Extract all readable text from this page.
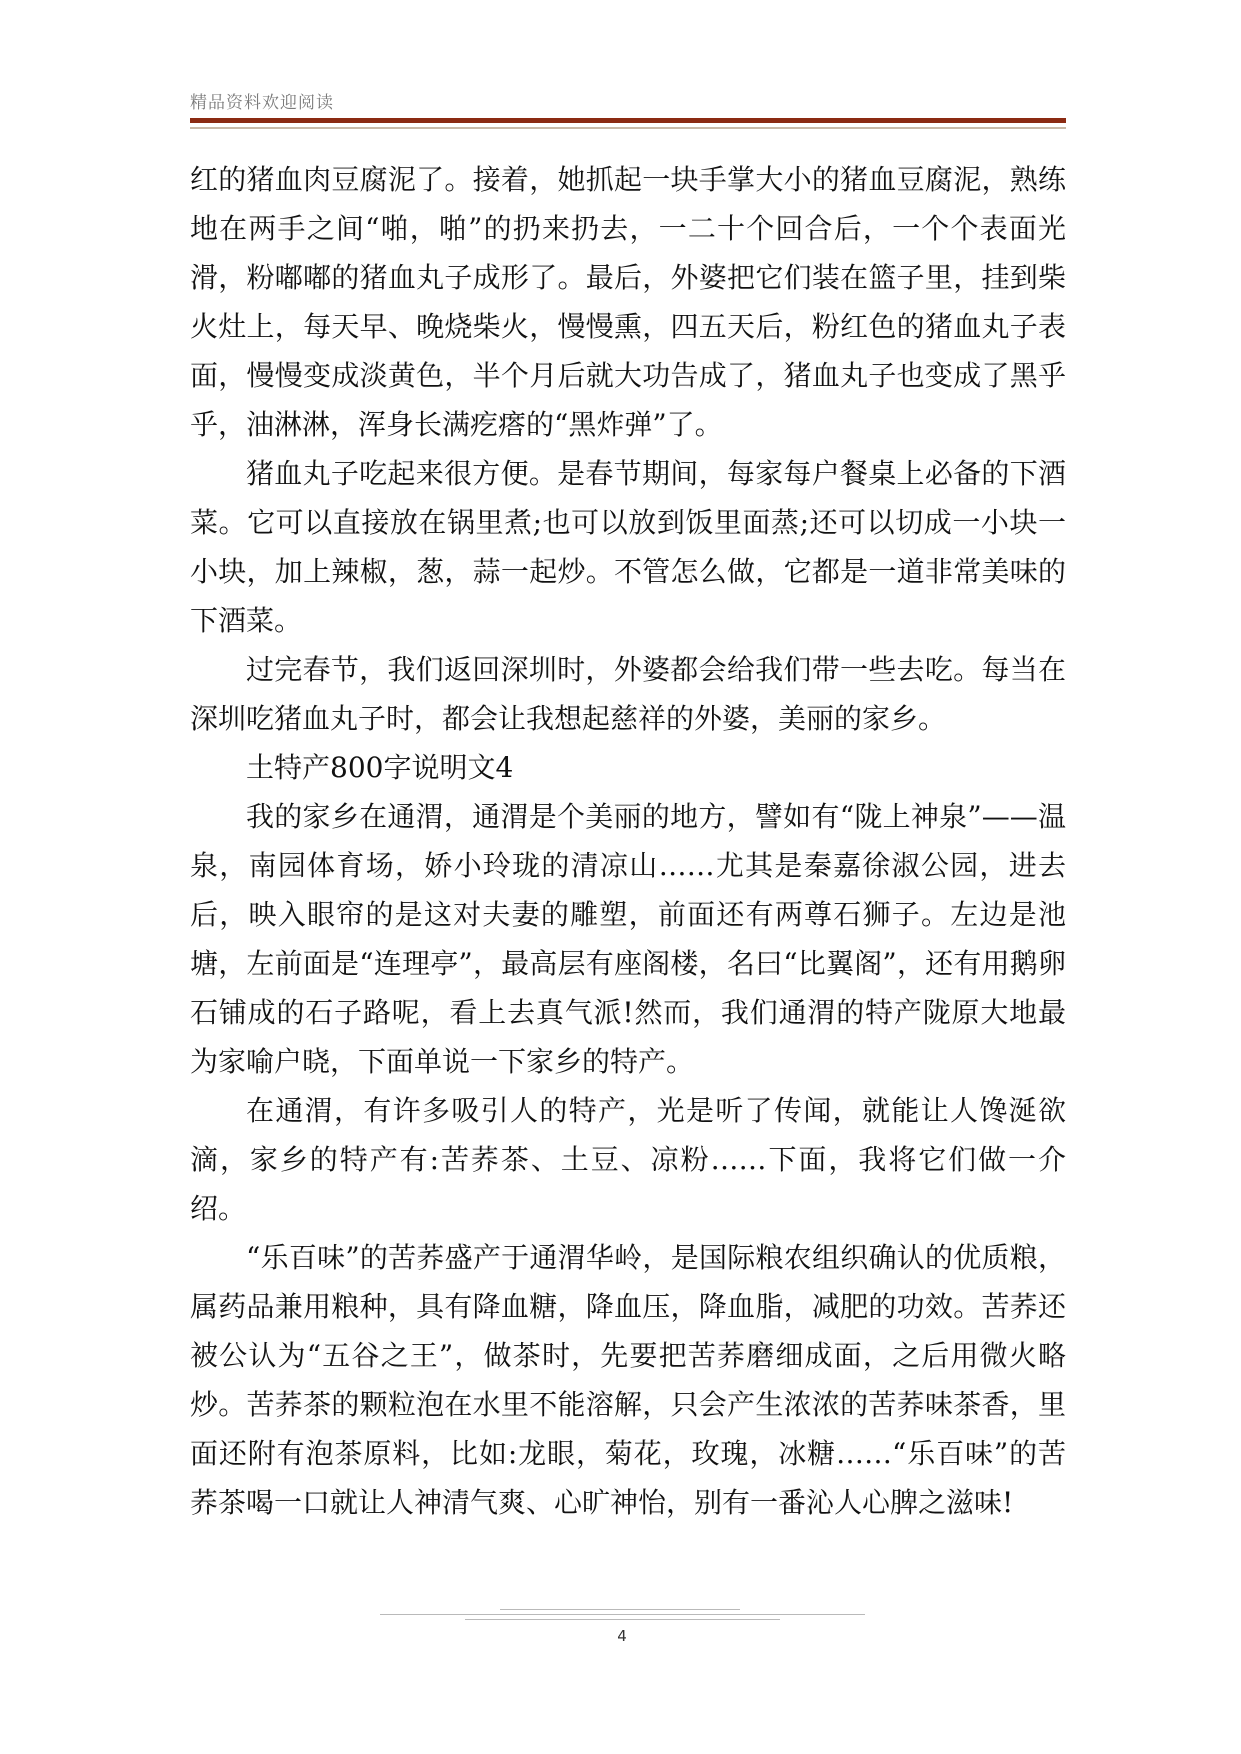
精品资料欢迎阅读

红的猪血肉豆腐泥了。接着，她抓起一块手掌大小的猪血豆腐泥，熟练地在两手之间“啪，啪”的扔来扔去，一二十个回合后，一个个表面光滑，粉嘟嘟的猪血丸子成形了。最后，外婆把它们装在篮子里，挂到柴火灶上，每天早、晚烧柴火，慢慢熏，四五天后，粉红色的猪血丸子表面，慢慢变成淡黄色，半个月后就大功告成了，猪血丸子也变成了黑乎乎，油淋淋，浑身长满疙瘩的“黑炸弹”了。

猪血丸子吃起来很方便。是春节期间，每家每户餐桌上必备的下酒菜。它可以直接放在锅里煮;也可以放到饭里面蒸;还可以切成一小块一小块，加上辣椒，葱，蒜一起炒。不管怎么做，它都是一道非常美味的下酒菜。

过完春节，我们返回深圳时，外婆都会给我们带一些去吃。每当在深圳吃猪血丸子时，都会让我想起慈祥的外婆，美丽的家乡。

土特产800字说明文4

我的家乡在通渭，通渭是个美丽的地方，譬如有“陇上神泉”——温泉，南园体育场，娇小玲珑的清凉山……尤其是秦嘉徐淑公园，进去后，映入眼帘的是这对夫妻的雕塑，前面还有两尊石狮子。左边是池塘，左前面是“连理亭”，最高层有座阁楼，名曰“比翼阁”，还有用鹅卵石铺成的石子路呢，看上去真气派!然而，我们通渭的特产陇原大地最为家喻户晓，下面单说一下家乡的特产。

在通渭，有许多吸引人的特产，光是听了传闻，就能让人馋涎欲滴，家乡的特产有:苦荞茶、土豆、凉粉……下面，我将它们做一介绍。

“乐百味”的苦荞盛产于通渭华岭，是国际粮农组织确认的优质粮，属药品兼用粮种，具有降血糖，降血压，降血脂，减肥的功效。苦荞还被公认为“五谷之王”，做茶时，先要把苦荞磨细成面，之后用微火略炒。苦荞茶的颗粒泡在水里不能溶解，只会产生浓浓的苦荞味茶香，里面还附有泡茶原料，比如:龙眼，菊花，玫瑰，冰糖……“乐百味”的苦荞茶喝一口就让人神清气爽、心旷神怡，别有一番沁人心脾之滋味!

4
